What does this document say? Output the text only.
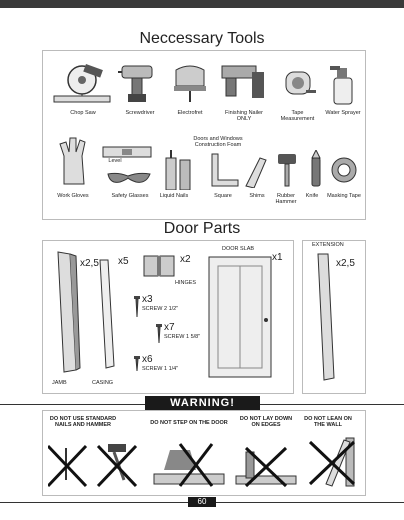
Neccessary Tools
Chop Saw	Screwdriver	Electrofret	Finishing Nailer ONLY
Tape Measurement
Water Sprayer
Level
Doors and Windows Construction Foam
Work Gloves	Safety Glasses	Liquid Nails	Square	Shims	Rubber Hammer
Knife	Masking Tape
Door Parts
x2,5
JAMB
x5
CASING
x2
HINGES
x3
SCREW 2 1/2"
x7
SCREW 1 5/8"
x6
SCREW 1 1/4"
DOOR SLAB
x1
EXTENSION
x2,5
WARNING!
DO NOT USE STANDARD NAILS AND HAMMER	DO NOT STEP ON THE DOOR
DO NOT LAY DOWN ON EDGES
DO NOT LEAN ON THE WALL
60
